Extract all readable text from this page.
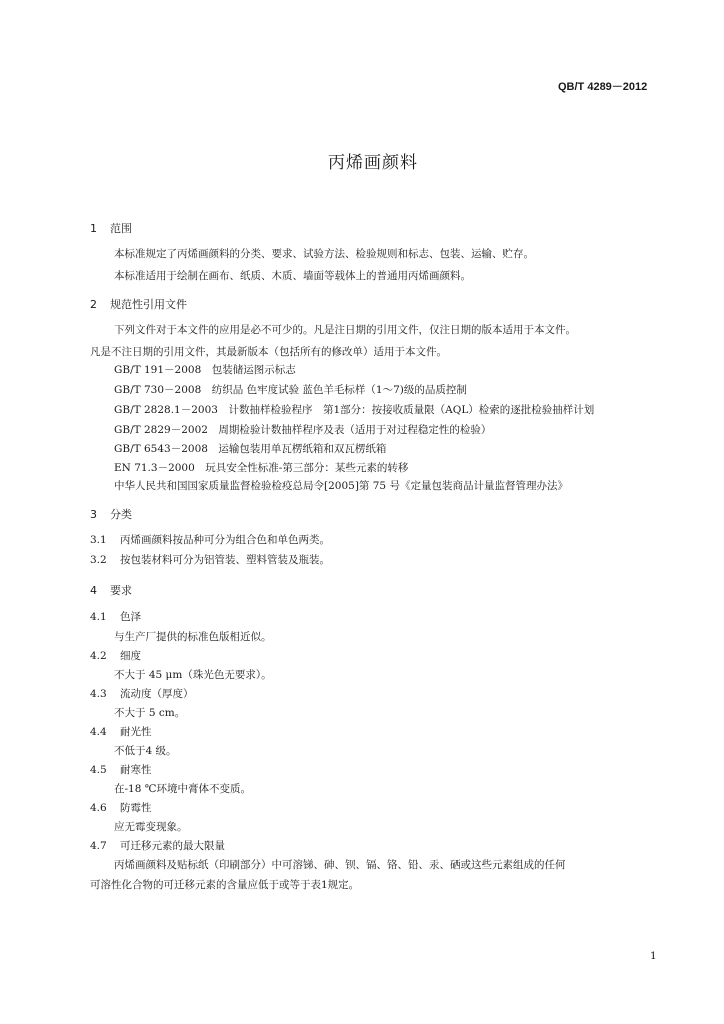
QB/T 4289－2012
丙烯画颜料
1 范围
本标准规定了丙烯画颜料的分类、要求、试验方法、检验规则和标志、包装、运输、贮存。
本标准适用于绘制在画布、纸质、木质、墙面等载体上的普通用丙烯画颜料。
2 规范性引用文件
下列文件对于本文件的应用是必不可少的。凡是注日期的引用文件，仅注日期的版本适用于本文件。
凡是不注日期的引用文件，其最新版本（包括所有的修改单）适用于本文件。
GB/T 191－2008　包装储运图示标志
GB/T 730－2008　纺织品 色牢度试验 蓝色羊毛标样（1～7)级的品质控制
GB/T 2828.1－2003　计数抽样检验程序　第1部分：按接收质量限（AQL）检索的逐批检验抽样计划
GB/T 2829－2002　周期检验计数抽样程序及表（适用于对过程稳定性的检验）
GB/T 6543－2008　运输包装用单瓦楞纸箱和双瓦楞纸箱
EN 71.3－2000　玩具安全性标准-第三部分：某些元素的转移
中华人民共和国国家质量监督检验检疫总局令[2005]第 75 号《定量包装商品计量监督管理办法》
3 分类
3.1 丙烯画颜料按品种可分为组合色和单色两类。
3.2 按包装材料可分为铝管装、塑料管装及瓶装。
4 要求
4.1 色泽
与生产厂提供的标准色版相近似。
4.2 细度
不大于 45 μm（珠光色无要求）。
4.3 流动度（厚度）
不大于 5 cm。
4.4 耐光性
不低于4 级。
4.5 耐寒性
在-18 ℃环境中膏体不变质。
4.6 防霉性
应无霉变现象。
4.7 可迁移元素的最大限量
丙烯画颜料及贴标纸（印刷部分）中可溶锑、砷、钡、镉、铬、铅、汞、硒或这些元素组成的任何
可溶性化合物的可迁移元素的含量应低于或等于表1规定。
1
